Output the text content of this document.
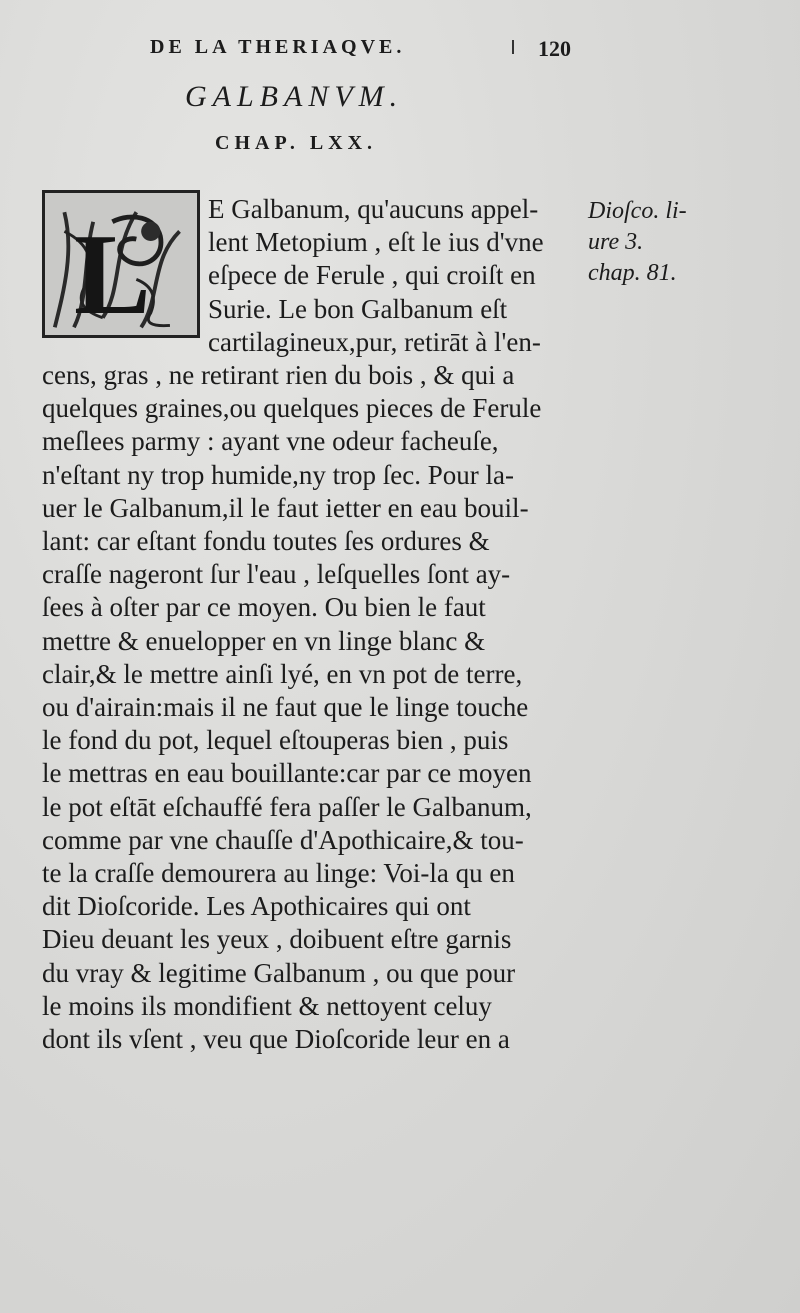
DE LA THERIAQVE.	120
GALBANVM.
CHAP. LXX.
L
E Galbanum, qu'aucuns appel-
lent Metopium , eſt le ius d'vne
eſpece de Ferule , qui croiſt en
Surie. Le bon Galbanum eſt
cartilagineux,pur, retirāt à l'en-
cens, gras , ne retirant rien du bois , & qui a
quelques graines,ou quelques pieces de Ferule
meſlees parmy : ayant vne odeur facheuſe,
n'eſtant ny trop humide,ny trop ſec. Pour la-
uer le Galbanum,il le faut ietter en eau bouil-
lant: car eſtant fondu toutes ſes ordures &
craſſe nageront ſur l'eau , leſquelles ſont ay-
ſees à oſter par ce moyen. Ou bien le faut
mettre & enuelopper en vn linge blanc &
clair,& le mettre ainſi lyé, en vn pot de terre,
ou d'airain:mais il ne faut que le linge touche
le fond du pot, lequel eſtouperas bien , puis
le mettras en eau bouillante:car par ce moyen
le pot eſtāt eſchauffé fera paſſer le Galbanum,
comme par vne chauſſe d'Apothicaire,& tou-
te la craſſe demourera au linge: Voi-la qu en
dit Dioſcoride. Les Apothicaires qui ont
Dieu deuant les yeux , doibuent eſtre garnis
du vray & legitime Galbanum , ou que pour
le moins ils mondifient & nettoyent celuy
dont ils vſent , veu que Dioſcoride leur en a
Dioſco. li-
ure 3.
chap. 81.
